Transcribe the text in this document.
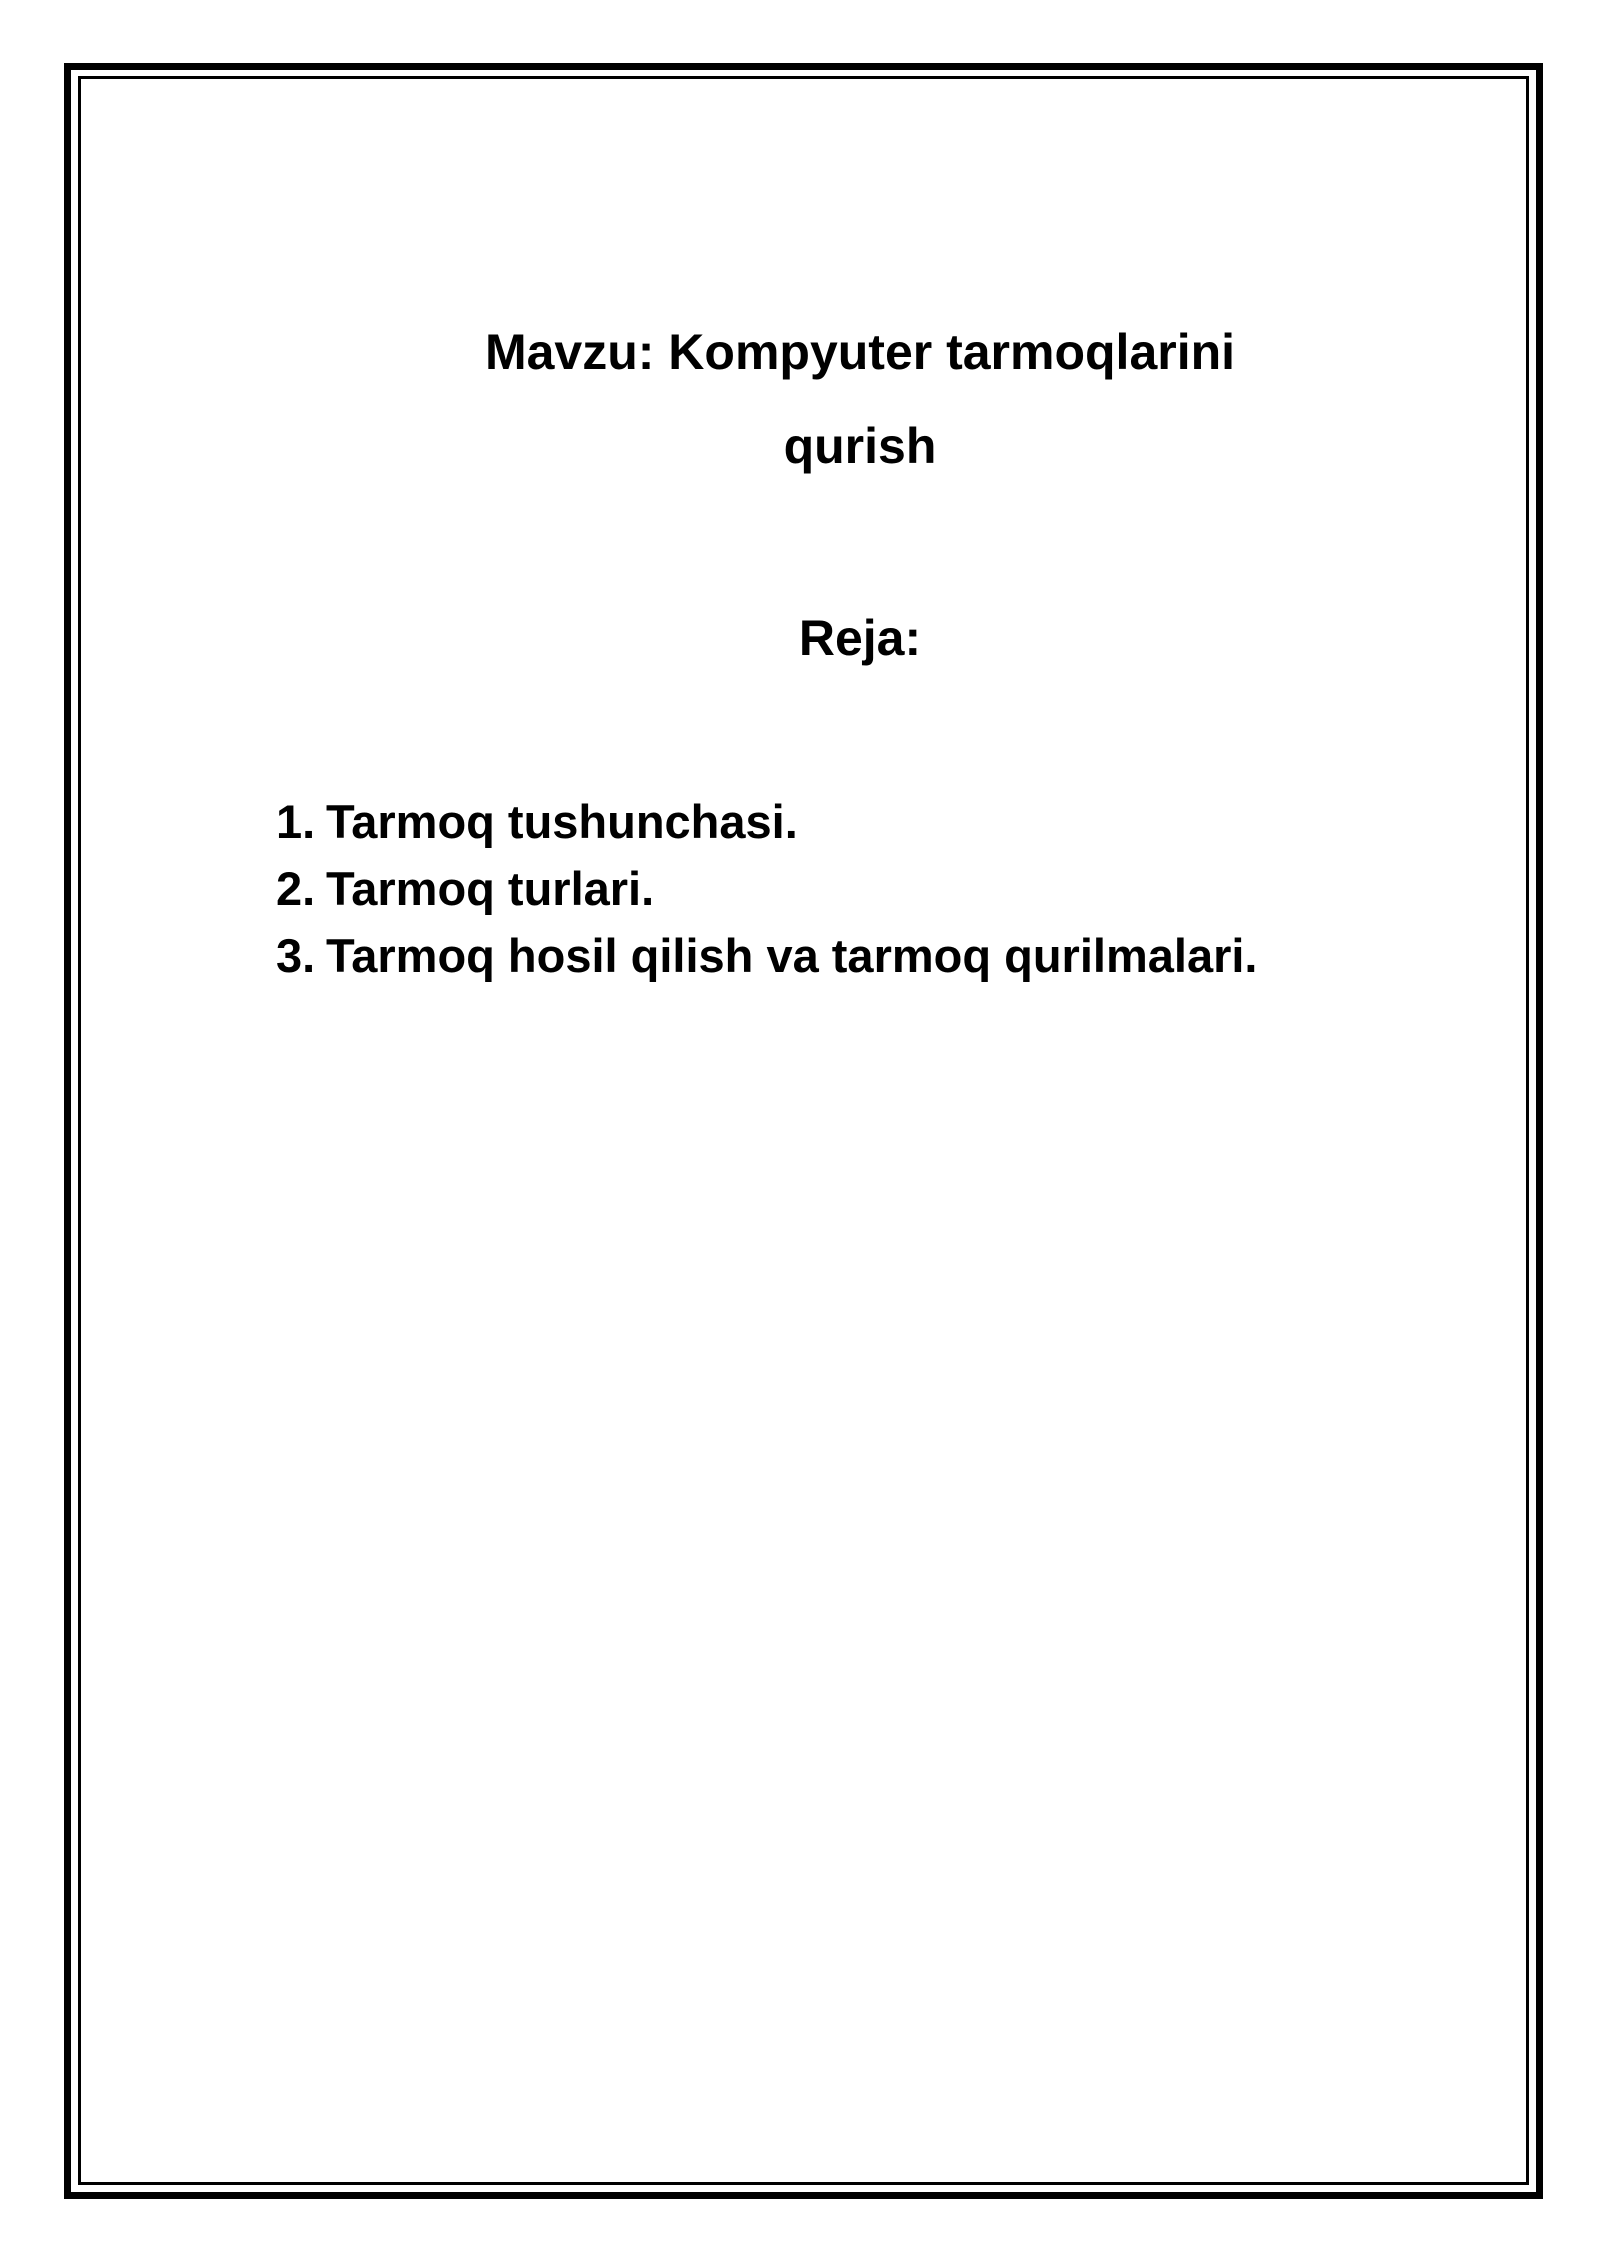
Mavzu: Kompyuter tarmoqlarini
qurish
Reja:
1. Tarmoq tushunchasi.
2. Tarmoq turlari.
3. Tarmoq hosil qilish va tarmoq qurilmalari.
